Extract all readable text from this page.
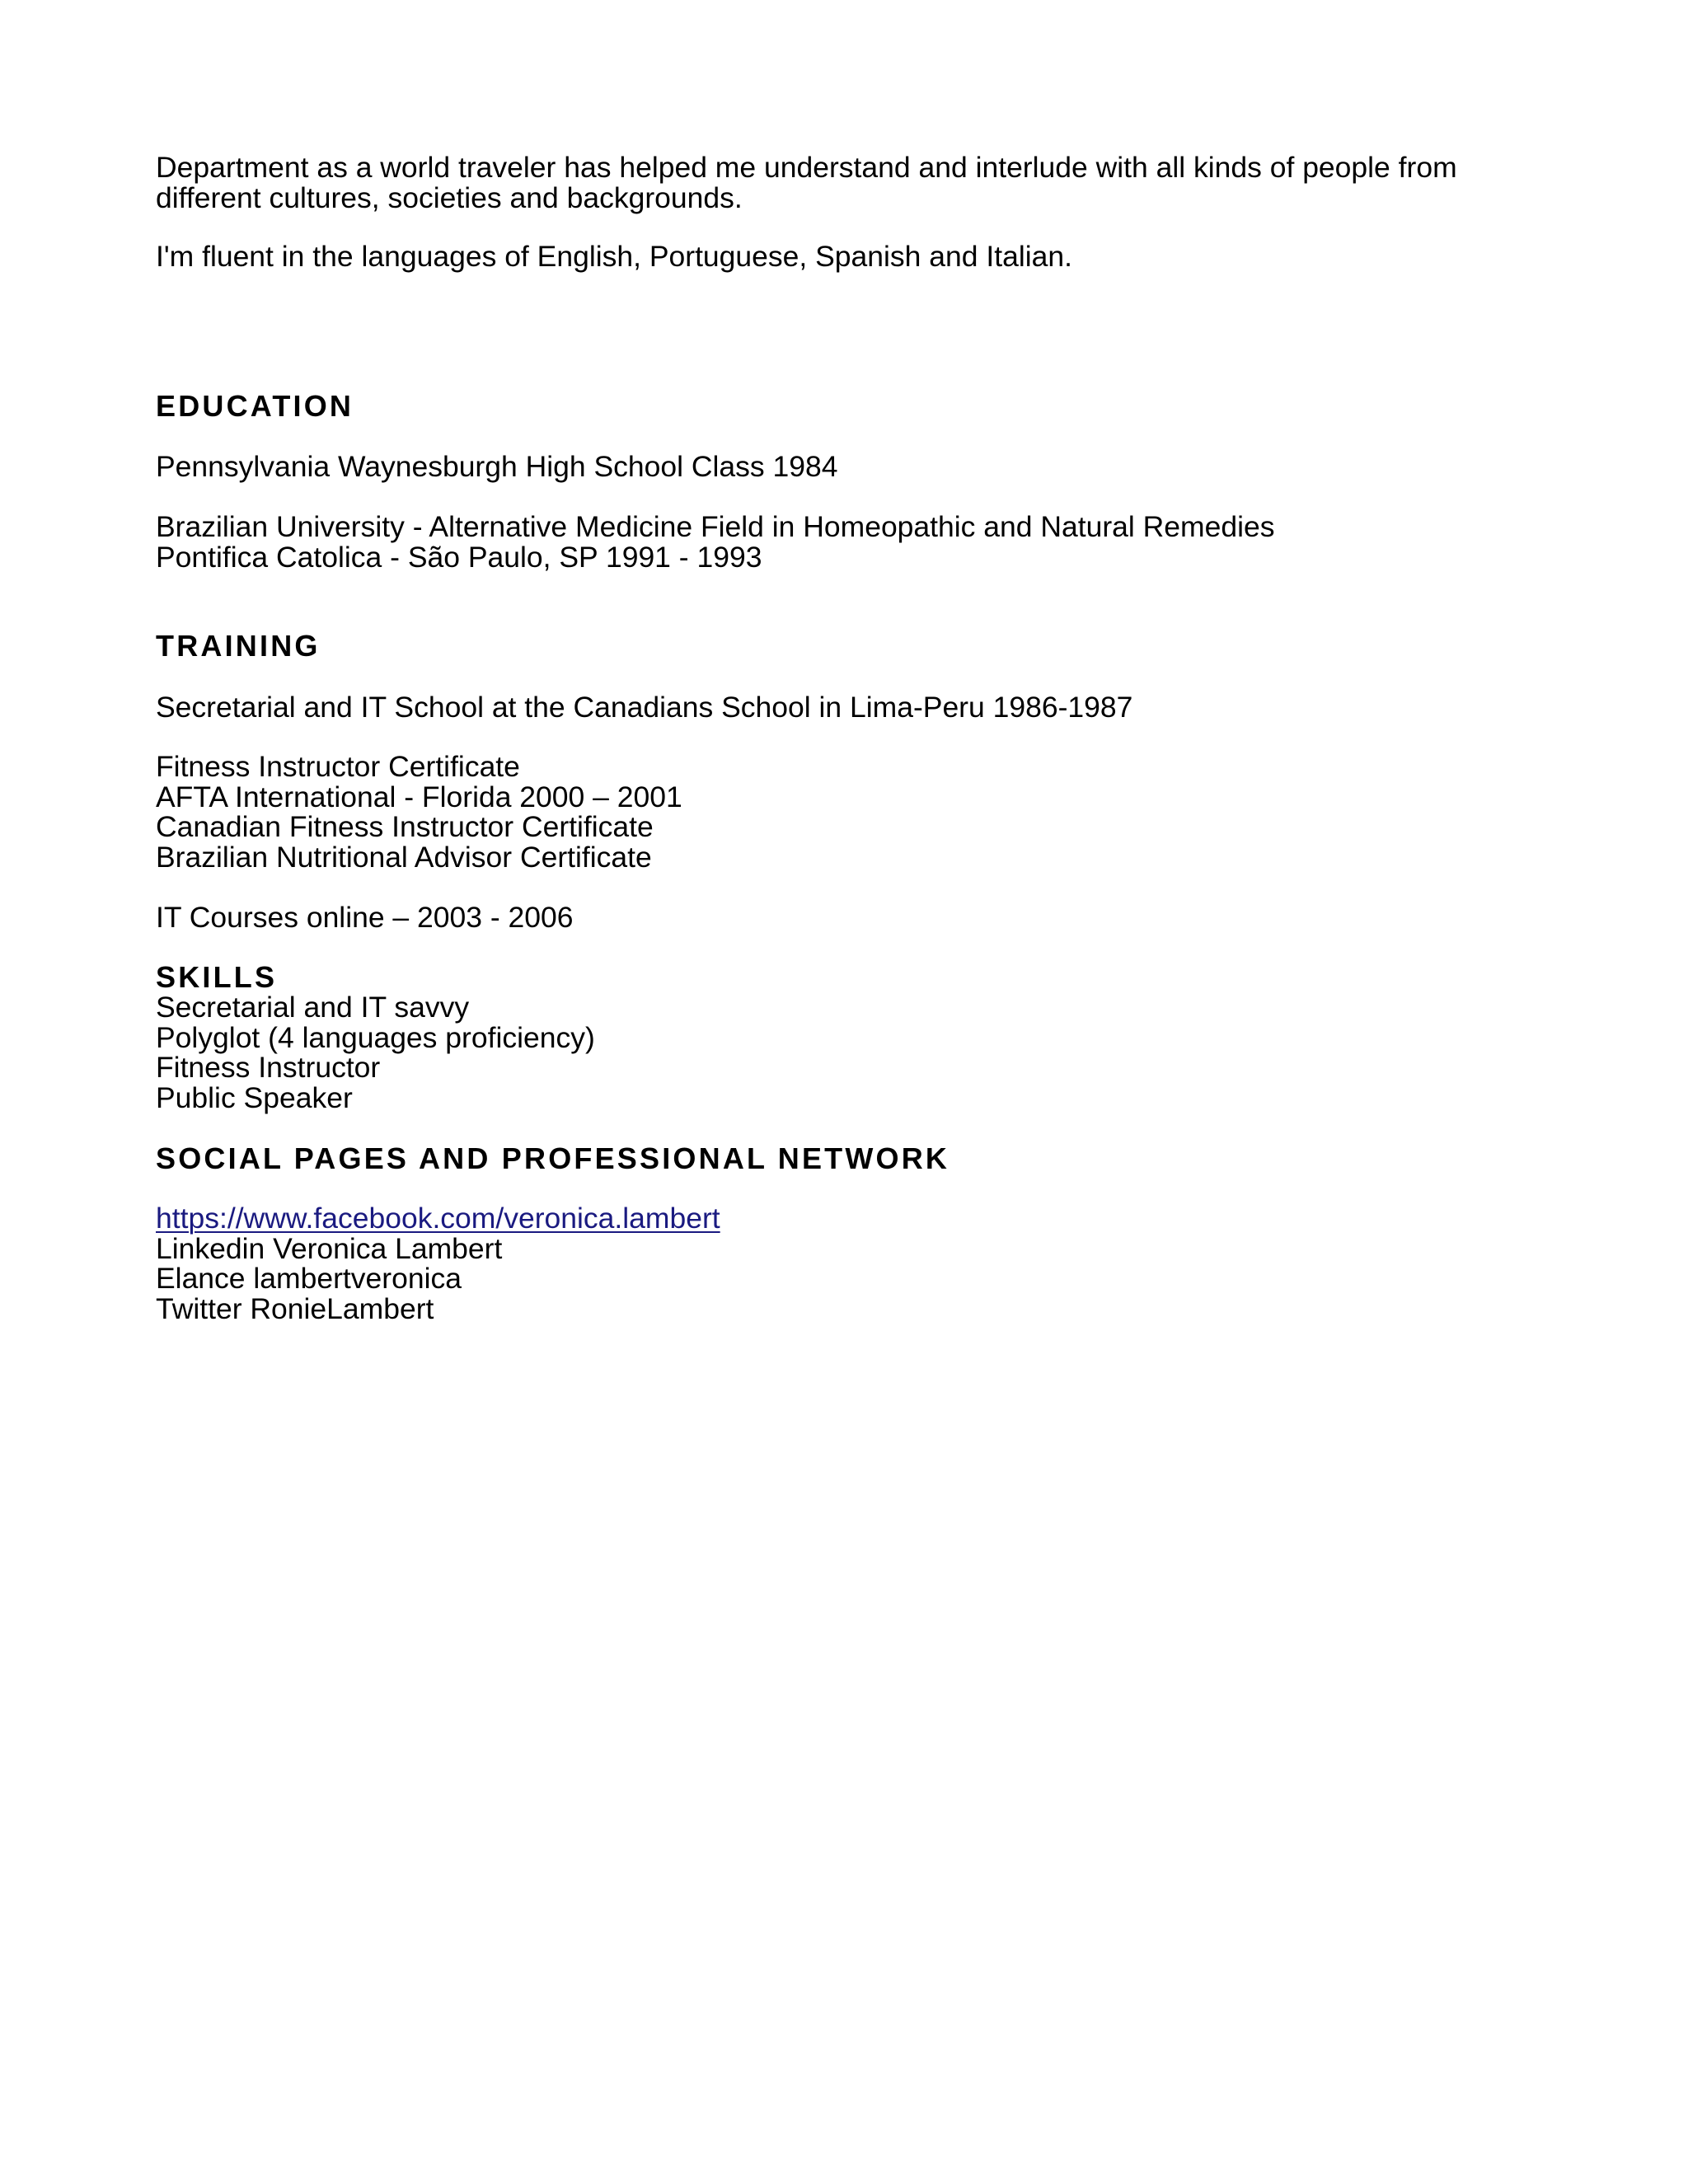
Department as a world traveler has helped me understand and interlude with all kinds of people from
different cultures, societies and backgrounds.
I'm fluent in the languages of English, Portuguese, Spanish and Italian.
EDUCATION
Pennsylvania Waynesburgh High School Class 1984
Brazilian University - Alternative Medicine Field in Homeopathic and Natural Remedies
Pontifica Catolica - São Paulo, SP 1991 - 1993
TRAINING
Secretarial and IT School at the Canadians School in Lima-Peru 1986-1987
Fitness Instructor Certificate
AFTA International - Florida 2000 – 2001
Canadian Fitness Instructor Certificate
Brazilian Nutritional Advisor Certificate
IT Courses online – 2003 - 2006
SKILLS
Secretarial and IT savvy
Polyglot (4 languages proficiency)
Fitness Instructor
Public Speaker
SOCIAL PAGES AND PROFESSIONAL NETWORK
https://www.facebook.com/veronica.lambert
Linkedin Veronica Lambert
Elance lambertveronica
Twitter RonieLambert
